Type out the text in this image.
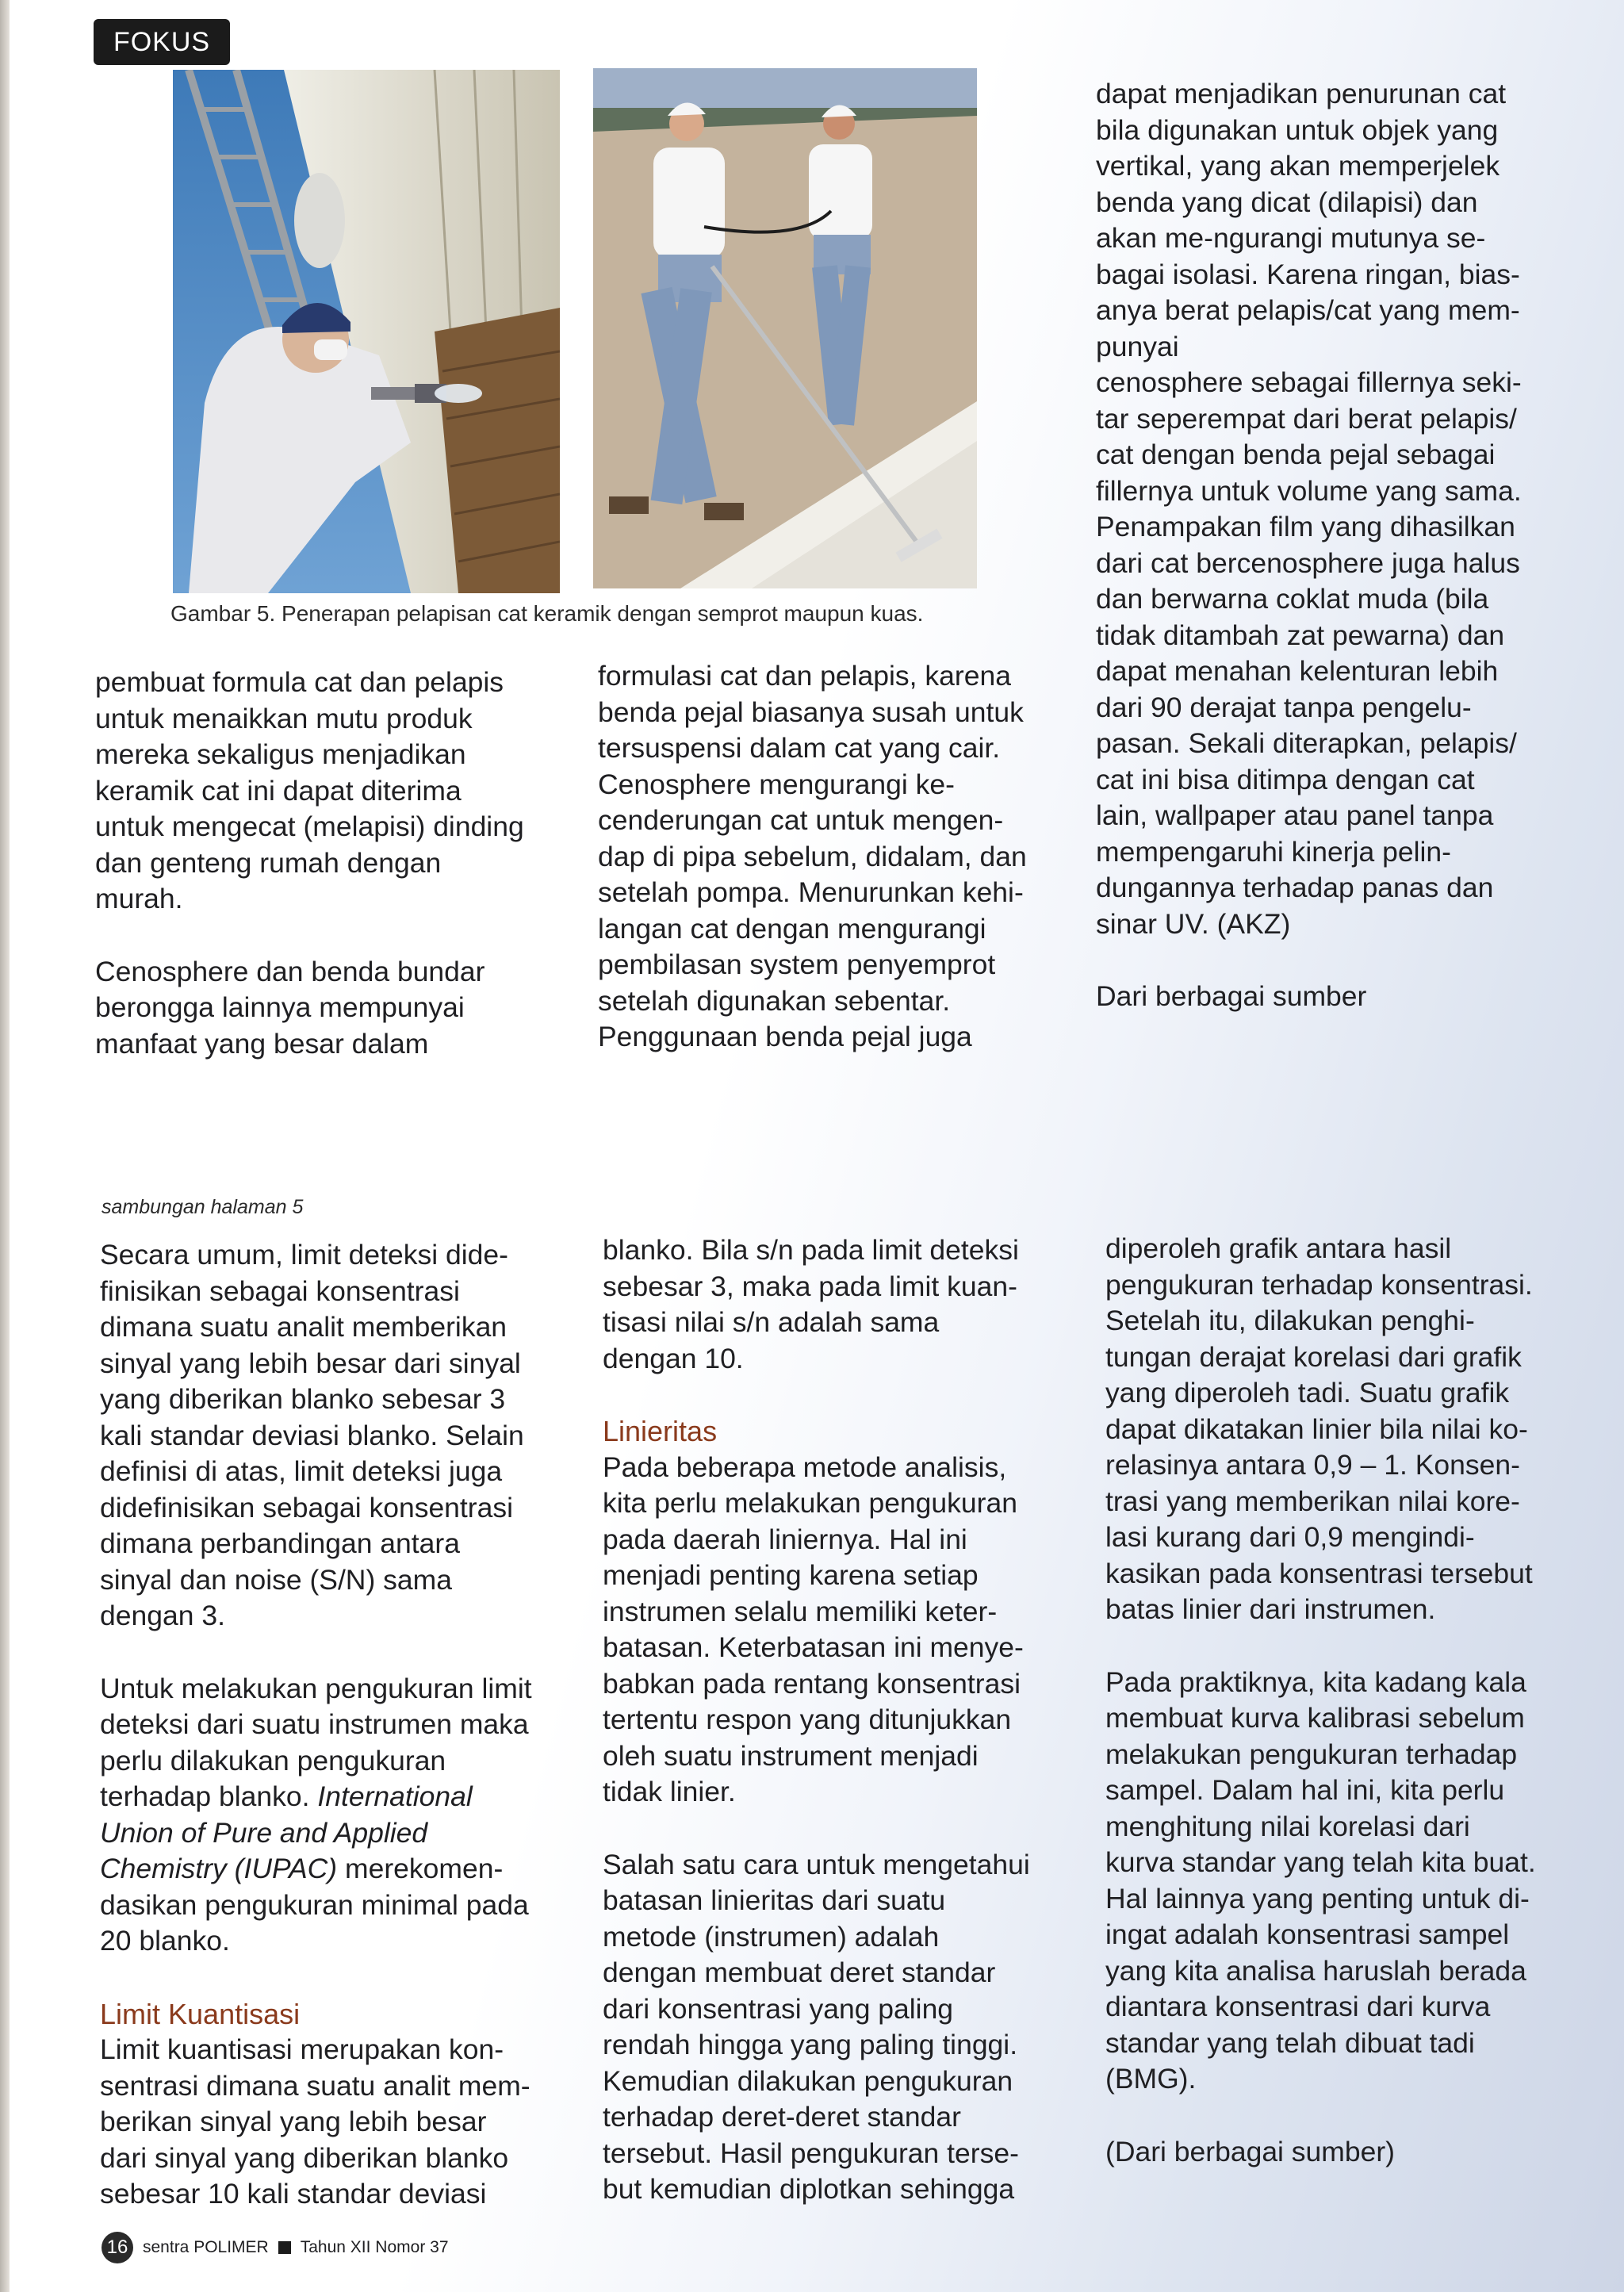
FOKUS
Gambar 5. Penerapan pelapisan cat keramik dengan semprot maupun kuas.

pembuat formula cat dan pelapis
untuk menaikkan mutu produk
mereka sekaligus menjadikan
keramik cat ini dapat diterima
untuk mengecat (melapisi) dinding
dan genteng rumah dengan
murah.

Cenosphere dan benda bundar
berongga lainnya mempunyai
manfaat yang besar dalam

formulasi cat dan pelapis, karena
benda pejal biasanya susah untuk
tersuspensi dalam cat yang cair.
Cenosphere mengurangi ke-
cenderungan cat untuk mengen-
dap di pipa sebelum, didalam, dan
setelah pompa. Menurunkan kehi-
langan cat dengan mengurangi
pembilasan system penyemprot
setelah digunakan sebentar.
Penggunaan benda pejal juga

dapat menjadikan penurunan cat
bila digunakan untuk objek yang
vertikal, yang akan memperjelek
benda yang dicat (dilapisi) dan
akan me-ngurangi mutunya se-
bagai isolasi. Karena ringan, bias-
anya berat pelapis/cat yang mem-
punyai
cenosphere sebagai fillernya seki-
tar seperempat dari berat pelapis/
cat dengan benda pejal sebagai
fillernya untuk volume yang sama.
Penampakan film yang dihasilkan
dari cat bercenosphere juga halus
dan berwarna coklat muda (bila
tidak ditambah zat pewarna) dan
dapat menahan kelenturan lebih
dari 90 derajat tanpa pengelu-
pasan. Sekali diterapkan, pelapis/
cat ini bisa ditimpa dengan cat
lain, wallpaper atau panel tanpa
mempengaruhi kinerja pelin-
dungannya terhadap panas dan
sinar UV. (AKZ)

Dari berbagai sumber

sambungan halaman 5

Secara umum, limit deteksi dide-
finisikan sebagai konsentrasi
dimana suatu analit memberikan
sinyal yang lebih besar dari sinyal
yang diberikan blanko sebesar 3
kali standar deviasi blanko. Selain
definisi di atas, limit deteksi juga
didefinisikan sebagai konsentrasi
dimana perbandingan antara
sinyal dan noise (S/N) sama
dengan 3.

Untuk melakukan pengukuran limit
deteksi dari suatu instrumen maka
perlu dilakukan pengukuran
terhadap blanko. International
Union of Pure and Applied
Chemistry (IUPAC) merekomen-
dasikan pengukuran minimal pada
20 blanko.

Limit Kuantisasi

Limit kuantisasi merupakan kon-
sentrasi dimana suatu analit mem-
berikan sinyal yang lebih besar
dari sinyal yang diberikan blanko
sebesar 10 kali standar deviasi

blanko. Bila s/n pada limit deteksi
sebesar 3, maka pada limit kuan-
tisasi nilai s/n adalah sama
dengan 10.

Linieritas

Pada beberapa metode analisis,
kita perlu melakukan pengukuran
pada daerah liniernya. Hal ini
menjadi penting karena setiap
instrumen selalu memiliki keter-
batasan. Keterbatasan ini menye-
babkan pada rentang konsentrasi
tertentu respon yang ditunjukkan
oleh suatu instrument menjadi
tidak linier.

Salah satu cara untuk mengetahui
batasan linieritas dari suatu
metode (instrumen) adalah
dengan membuat deret standar
dari konsentrasi yang paling
rendah hingga yang paling tinggi.
Kemudian dilakukan pengukuran
terhadap deret-deret standar
tersebut. Hasil pengukuran terse-
but kemudian diplotkan sehingga

diperoleh grafik antara hasil
pengukuran terhadap konsentrasi.
Setelah itu, dilakukan penghi-
tungan derajat korelasi dari grafik
yang diperoleh tadi. Suatu grafik
dapat dikatakan linier bila nilai ko-
relasinya antara 0,9 – 1. Konsen-
trasi yang memberikan nilai kore-
lasi kurang dari 0,9 mengindi-
kasikan pada konsentrasi tersebut
batas linier dari instrumen.

Pada praktiknya, kita kadang kala
membuat kurva kalibrasi sebelum
melakukan pengukuran terhadap
sampel. Dalam hal ini, kita perlu
menghitung nilai korelasi dari
kurva standar yang telah kita buat.
Hal lainnya yang penting untuk di-
ingat adalah konsentrasi sampel
yang kita analisa haruslah berada
diantara konsentrasi dari kurva
standar yang telah dibuat tadi
(BMG).

(Dari berbagai sumber)

16 sentra POLIMER Tahun XII Nomor 37
